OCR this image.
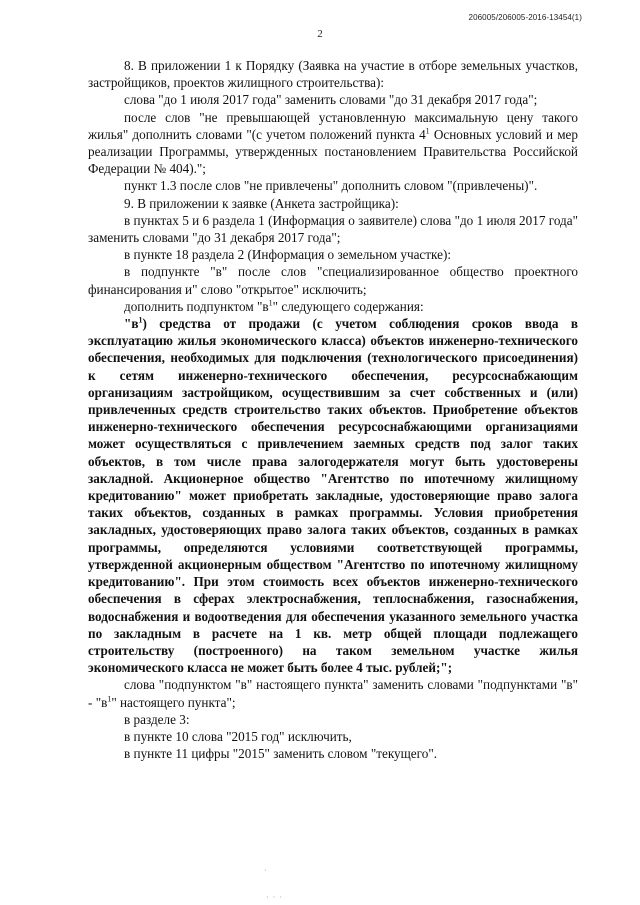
206005/206005-2016-13454(1)
2

8. В приложении 1 к Порядку (Заявка на участие в отборе земельных участков, застройщиков, проектов жилищного строительства):

слова "до 1 июля 2017 года" заменить словами "до 31 декабря 2017 года";

после слов "не превышающей установленную максимальную цену такого жилья" дополнить словами "(с учетом положений пункта $4^1$ Основных условий и мер реализации Программы, утвержденных постановлением Правительства Российской Федерации № 404).";

пункт 1.3 после слов "не привлечены" дополнить словом "(привлечены)".

9. В приложении к заявке (Анкета застройщика):

в пунктах 5 и 6 раздела 1 (Информация о заявителе) слова "до 1 июля 2017 года" заменить словами "до 31 декабря 2017 года";

в пункте 18 раздела 2 (Информация о земельном участке):

в подпункте "в" после слов "специализированное общество проектного финансирования и" слово "открытое" исключить;

дополнить подпунктом "$в^1$" следующего содержания:

"$в^1$) средства от продажи (с учетом соблюдения сроков ввода в эксплуатацию жилья экономического класса) объектов инженерно-технического обеспечения, необходимых для подключения (технологического присоединения) к сетям инженерно-технического обеспечения, ресурсоснабжающим организациям застройщиком, осуществившим за счет собственных и (или) привлеченных средств строительство таких объектов. Приобретение объектов инженерно-технического обеспечения ресурсоснабжающими организациями может осуществляться с привлечением заемных средств под залог таких объектов, в том числе права залогодержателя могут быть удостоверены закладной. Акционерное общество "Агентство по ипотечному жилищному кредитованию" может приобретать закладные, удостоверяющие право залога таких объектов, созданных в рамках программы. Условия приобретения закладных, удостоверяющих право залога таких объектов, созданных в рамках программы, определяются условиями соответствующей программы, утвержденной акционерным обществом "Агентство по ипотечному жилищному кредитованию". При этом стоимость всех объектов инженерно-технического обеспечения в сферах электроснабжения, теплоснабжения, газоснабжения, водоснабжения и водоотведения для обеспечения указанного земельного участка по закладным в расчете на 1 кв. метр общей площади подлежащего строительству (построенного) на таком земельном участке жилья экономического класса не может быть более 4 тыс. рублей;";

слова "подпунктом "в" настоящего пункта" заменить словами "подпунктами "в" - "$в^1$" настоящего пункта";

в разделе 3:

в пункте 10 слова "2015 год" исключить,

в пункте 11 цифры "2015" заменить словом "текущего".

·
· · ·
